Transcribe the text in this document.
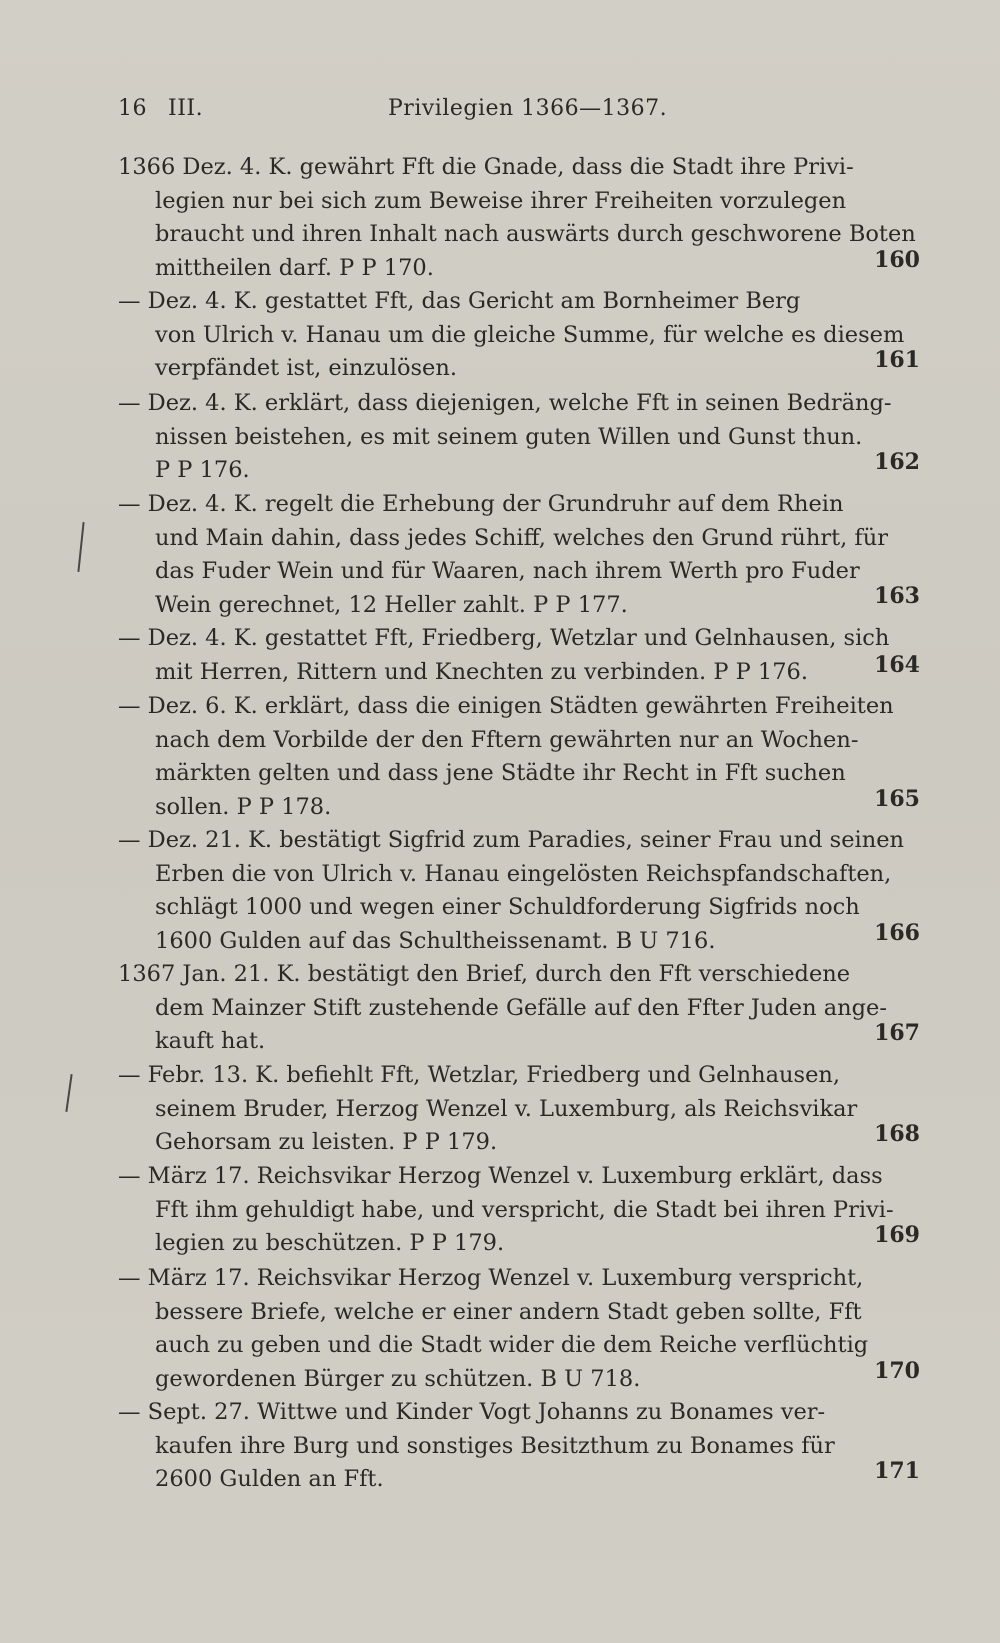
16 III.	Privilegien 1366—1367.
1366 Dez. 4. K. gewährt Fft die Gnade, dass die Stadt ihre Privi-
legien nur bei sich zum Beweise ihrer Freiheiten vorzulegen
braucht und ihren Inhalt nach auswärts durch geschworene Boten
mittheilen darf. P P 170.	160
— Dez. 4. K. gestattet Fft, das Gericht am Bornheimer Berg
von Ulrich v. Hanau um die gleiche Summe, für welche es diesem
verpfändet ist, einzulösen.	161
— Dez. 4. K. erklärt, dass diejenigen, welche Fft in seinen Bedräng-
nissen beistehen, es mit seinem guten Willen und Gunst thun.
P P 176.	162
— Dez. 4. K. regelt die Erhebung der Grundruhr auf dem Rhein
und Main dahin, dass jedes Schiff, welches den Grund rührt, für
das Fuder Wein und für Waaren, nach ihrem Werth pro Fuder
Wein gerechnet, 12 Heller zahlt. P P 177.	163
— Dez. 4. K. gestattet Fft, Friedberg, Wetzlar und Gelnhausen, sich
mit Herren, Rittern und Knechten zu verbinden. P P 176.	164
— Dez. 6. K. erklärt, dass die einigen Städten gewährten Freiheiten
nach dem Vorbilde der den Fftern gewährten nur an Wochen-
märkten gelten und dass jene Städte ihr Recht in Fft suchen
sollen. P P 178.	165
— Dez. 21. K. bestätigt Sigfrid zum Paradies, seiner Frau und seinen
Erben die von Ulrich v. Hanau eingelösten Reichspfandschaften,
schlägt 1000 und wegen einer Schuldforderung Sigfrids noch
1600 Gulden auf das Schultheissenamt. B U 716.	166
1367 Jan. 21. K. bestätigt den Brief, durch den Fft verschiedene
dem Mainzer Stift zustehende Gefälle auf den Ffter Juden ange-
kauft hat.	167
— Febr. 13. K. befiehlt Fft, Wetzlar, Friedberg und Gelnhausen,
seinem Bruder, Herzog Wenzel v. Luxemburg, als Reichsvikar
Gehorsam zu leisten. P P 179.	168
— März 17. Reichsvikar Herzog Wenzel v. Luxemburg erklärt, dass
Fft ihm gehuldigt habe, und verspricht, die Stadt bei ihren Privi-
legien zu beschützen. P P 179.	169
— März 17. Reichsvikar Herzog Wenzel v. Luxemburg verspricht,
bessere Briefe, welche er einer andern Stadt geben sollte, Fft
auch zu geben und die Stadt wider die dem Reiche verflüchtig
gewordenen Bürger zu schützen. B U 718.	170
— Sept. 27. Wittwe und Kinder Vogt Johanns zu Bonames ver-
kaufen ihre Burg und sonstiges Besitzthum zu Bonames für
2600 Gulden an Fft.	171
